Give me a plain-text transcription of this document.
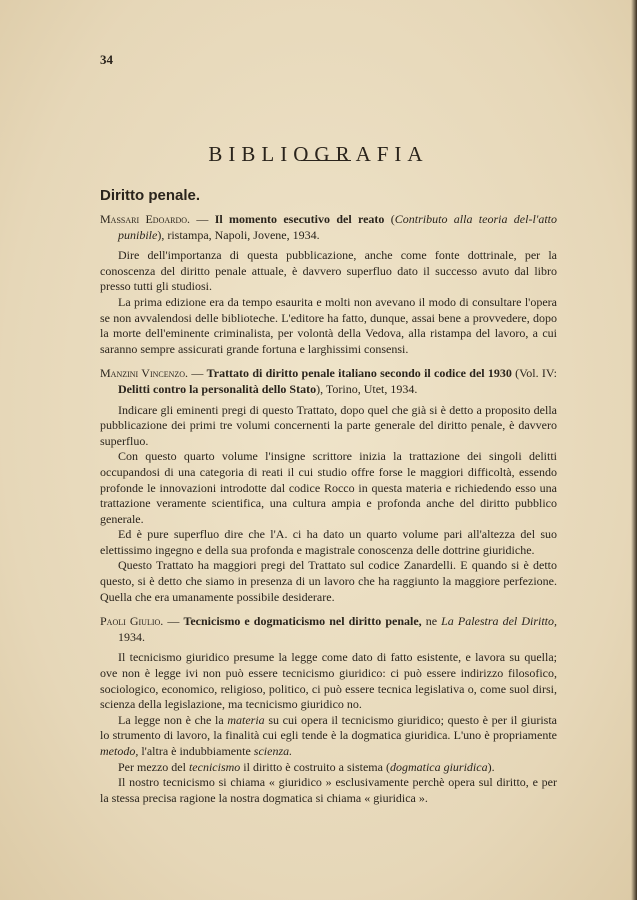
34
BIBLIOGRAFIA
Diritto penale.

Massari Edoardo. — Il momento esecutivo del reato (Contributo alla teoria del-l'atto punibile), ristampa, Napoli, Jovene, 1934.

Dire dell'importanza di questa pubblicazione, anche come fonte dottrinale, per la conoscenza del diritto penale attuale, è davvero superfluo dato il successo avuto dal libro presso tutti gli studiosi.

La prima edizione era da tempo esaurita e molti non avevano il modo di consultare l'opera se non avvalendosi delle biblioteche. L'editore ha fatto, dunque, assai bene a provvedere, dopo la morte dell'eminente criminalista, per volontà della Vedova, alla ristampa del lavoro, a cui saranno sempre assicurati grande fortuna e larghissimi consensi.

Manzini Vincenzo. — Trattato di diritto penale italiano secondo il codice del 1930 (Vol. IV: Delitti contro la personalità dello Stato), Torino, Utet, 1934.

Indicare gli eminenti pregi di questo Trattato, dopo quel che già si è detto a proposito della pubblicazione dei primi tre volumi concernenti la parte generale del diritto penale, è davvero superfluo.

Con questo quarto volume l'insigne scrittore inizia la trattazione dei singoli delitti occupandosi di una categoria di reati il cui studio offre forse le maggiori difficoltà, essendo profonde le innovazioni introdotte dal codice Rocco in questa materia e richiedendo esso una trattazione veramente scientifica, una cultura ampia e profonda anche del diritto pubblico generale.

Ed è pure superfluo dire che l'A. ci ha dato un quarto volume pari all'altezza del suo elettissimo ingegno e della sua profonda e magistrale conoscenza delle dottrine giuridiche.

Questo Trattato ha maggiori pregi del Trattato sul codice Zanardelli. E quando si è detto questo, si è detto che siamo in presenza di un lavoro che ha raggiunto la maggiore perfezione. Quella che era umanamente possibile desiderare.

Paoli Giulio. — Tecnicismo e dogmaticismo nel diritto penale, ne La Palestra del Diritto, 1934.

Il tecnicismo giuridico presume la legge come dato di fatto esistente, e lavora su quella; ove non è legge ivi non può essere tecnicismo giuridico: ci può essere indirizzo filosofico, sociologico, economico, religioso, politico, ci può essere tecnica legislativa o, come suol dirsi, scienza della legislazione, ma tecnicismo giuridico no.

La legge non è che la materia su cui opera il tecnicismo giuridico; questo è per il giurista lo strumento di lavoro, la finalità cui egli tende è la dogmatica giuridica. L'uno è propriamente metodo, l'altra è indubbiamente scienza.

Per mezzo del tecnicismo il diritto è costruito a sistema (dogmatica giuridica).

Il nostro tecnicismo si chiama « giuridico » esclusivamente perchè opera sul diritto, e per la stessa precisa ragione la nostra dogmatica si chiama « giuridica ».
